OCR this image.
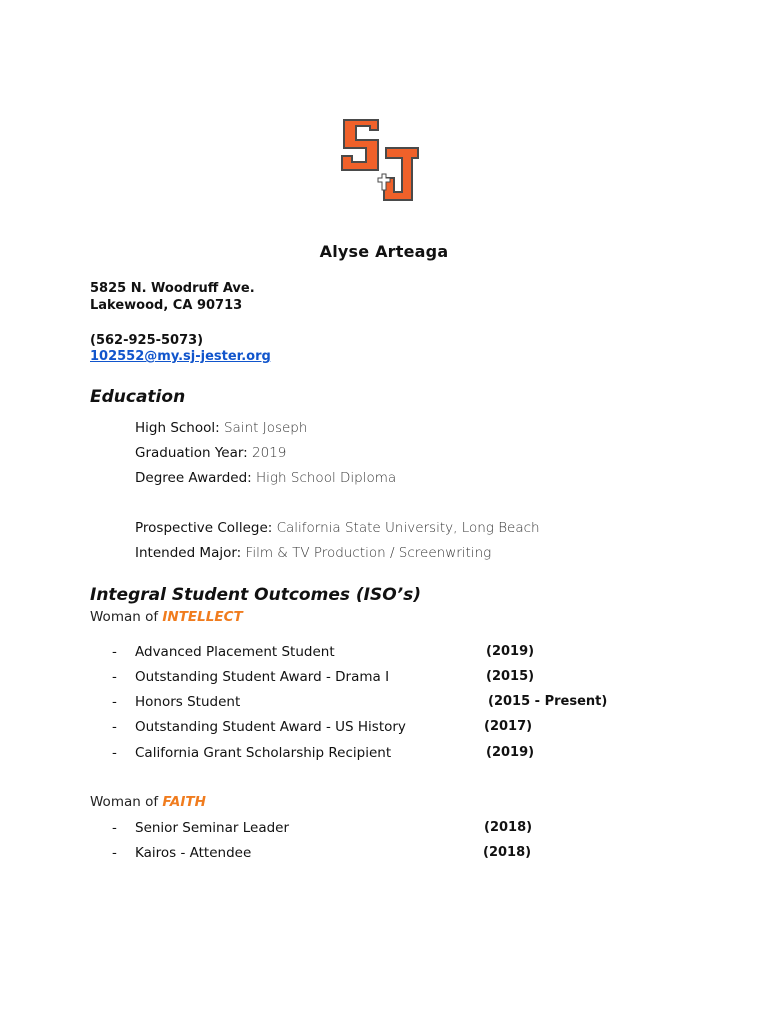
Alyse Arteaga
5825 N. Woodruff Ave.
Lakewood, CA 90713
(562-925-5073)
102552@my.sj-jester.org
Education
High School: Saint Joseph
Graduation Year: 2019
Degree Awarded: High School Diploma
Prospective College: California State University, Long Beach
Intended Major: Film & TV Production / Screenwriting
Integral Student Outcomes (ISO’s)
Woman of INTELLECT
- Advanced Placement Student	(2019)
- Outstanding Student Award - Drama I	(2015)
- Honors Student	(2015 - Present)
- Outstanding Student Award - US History	(2017)
- California Grant Scholarship Recipient	(2019)
Woman of FAITH
- Senior Seminar Leader	(2018)
- Kairos - Attendee	(2018)
